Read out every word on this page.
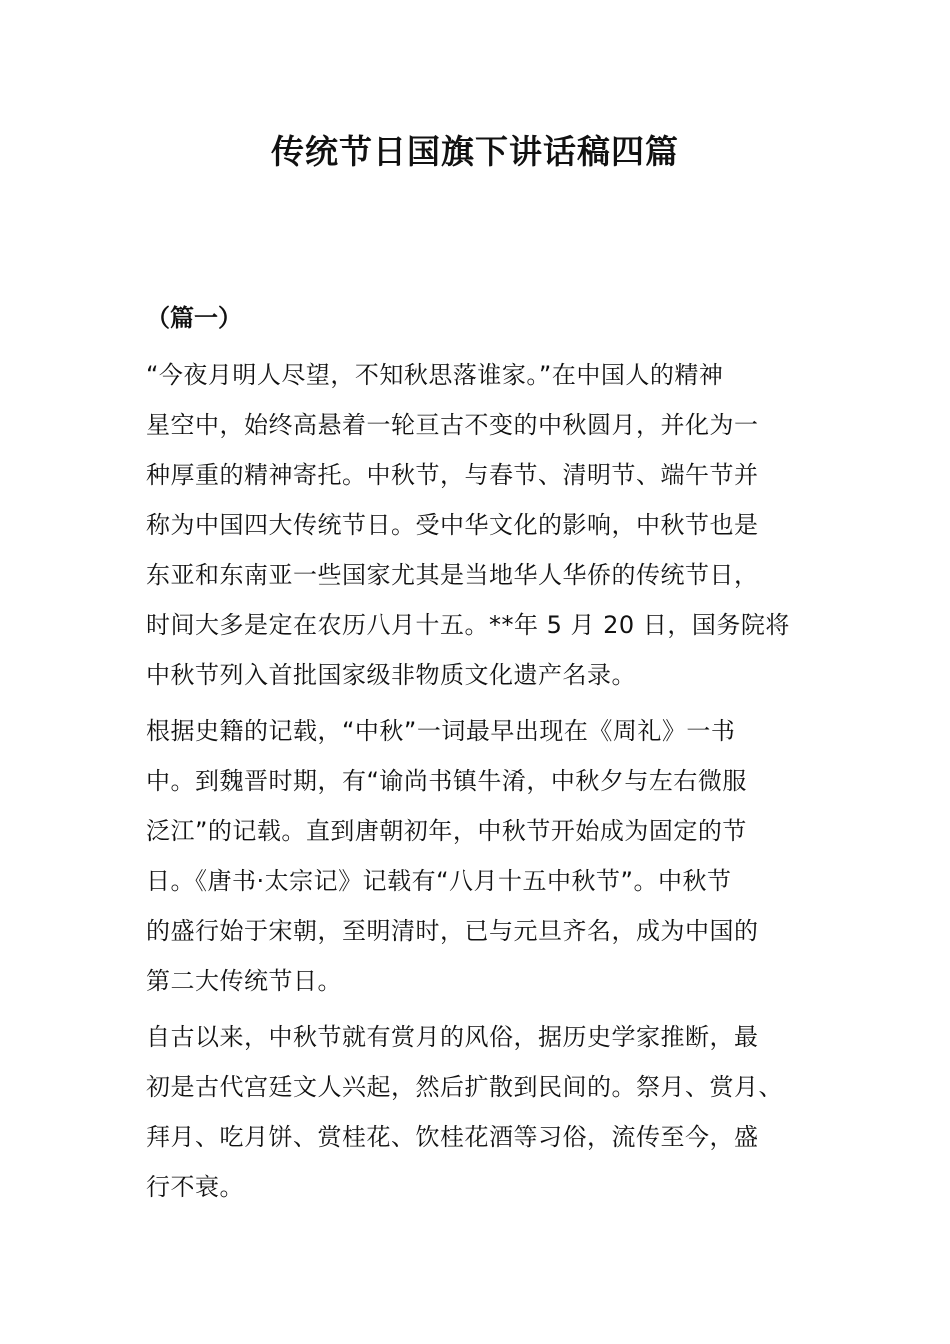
传统节日国旗下讲话稿四篇
（篇一）

“今夜月明人尽望，不知秋思落谁家。”在中国人的精神
星空中，始终高悬着一轮亘古不变的中秋圆月，并化为一
种厚重的精神寄托。中秋节，与春节、清明节、端午节并
称为中国四大传统节日。受中华文化的影响，中秋节也是
东亚和东南亚一些国家尤其是当地华人华侨的传统节日，
时间大多是定在农历八月十五。**年 5 月 20 日，国务院将
中秋节列入首批国家级非物质文化遗产名录。

根据史籍的记载，“中秋”一词最早出现在《周礼》一书
中。到魏晋时期，有“谕尚书镇牛淆，中秋夕与左右微服
泛江”的记载。直到唐朝初年，中秋节开始成为固定的节
日。《唐书·太宗记》记载有“八月十五中秋节”。中秋节
的盛行始于宋朝，至明清时，已与元旦齐名，成为中国的
第二大传统节日。

自古以来，中秋节就有赏月的风俗，据历史学家推断，最
初是古代宫廷文人兴起，然后扩散到民间的。祭月、赏月、
拜月、吃月饼、赏桂花、饮桂花酒等习俗，流传至今，盛
行不衰。
